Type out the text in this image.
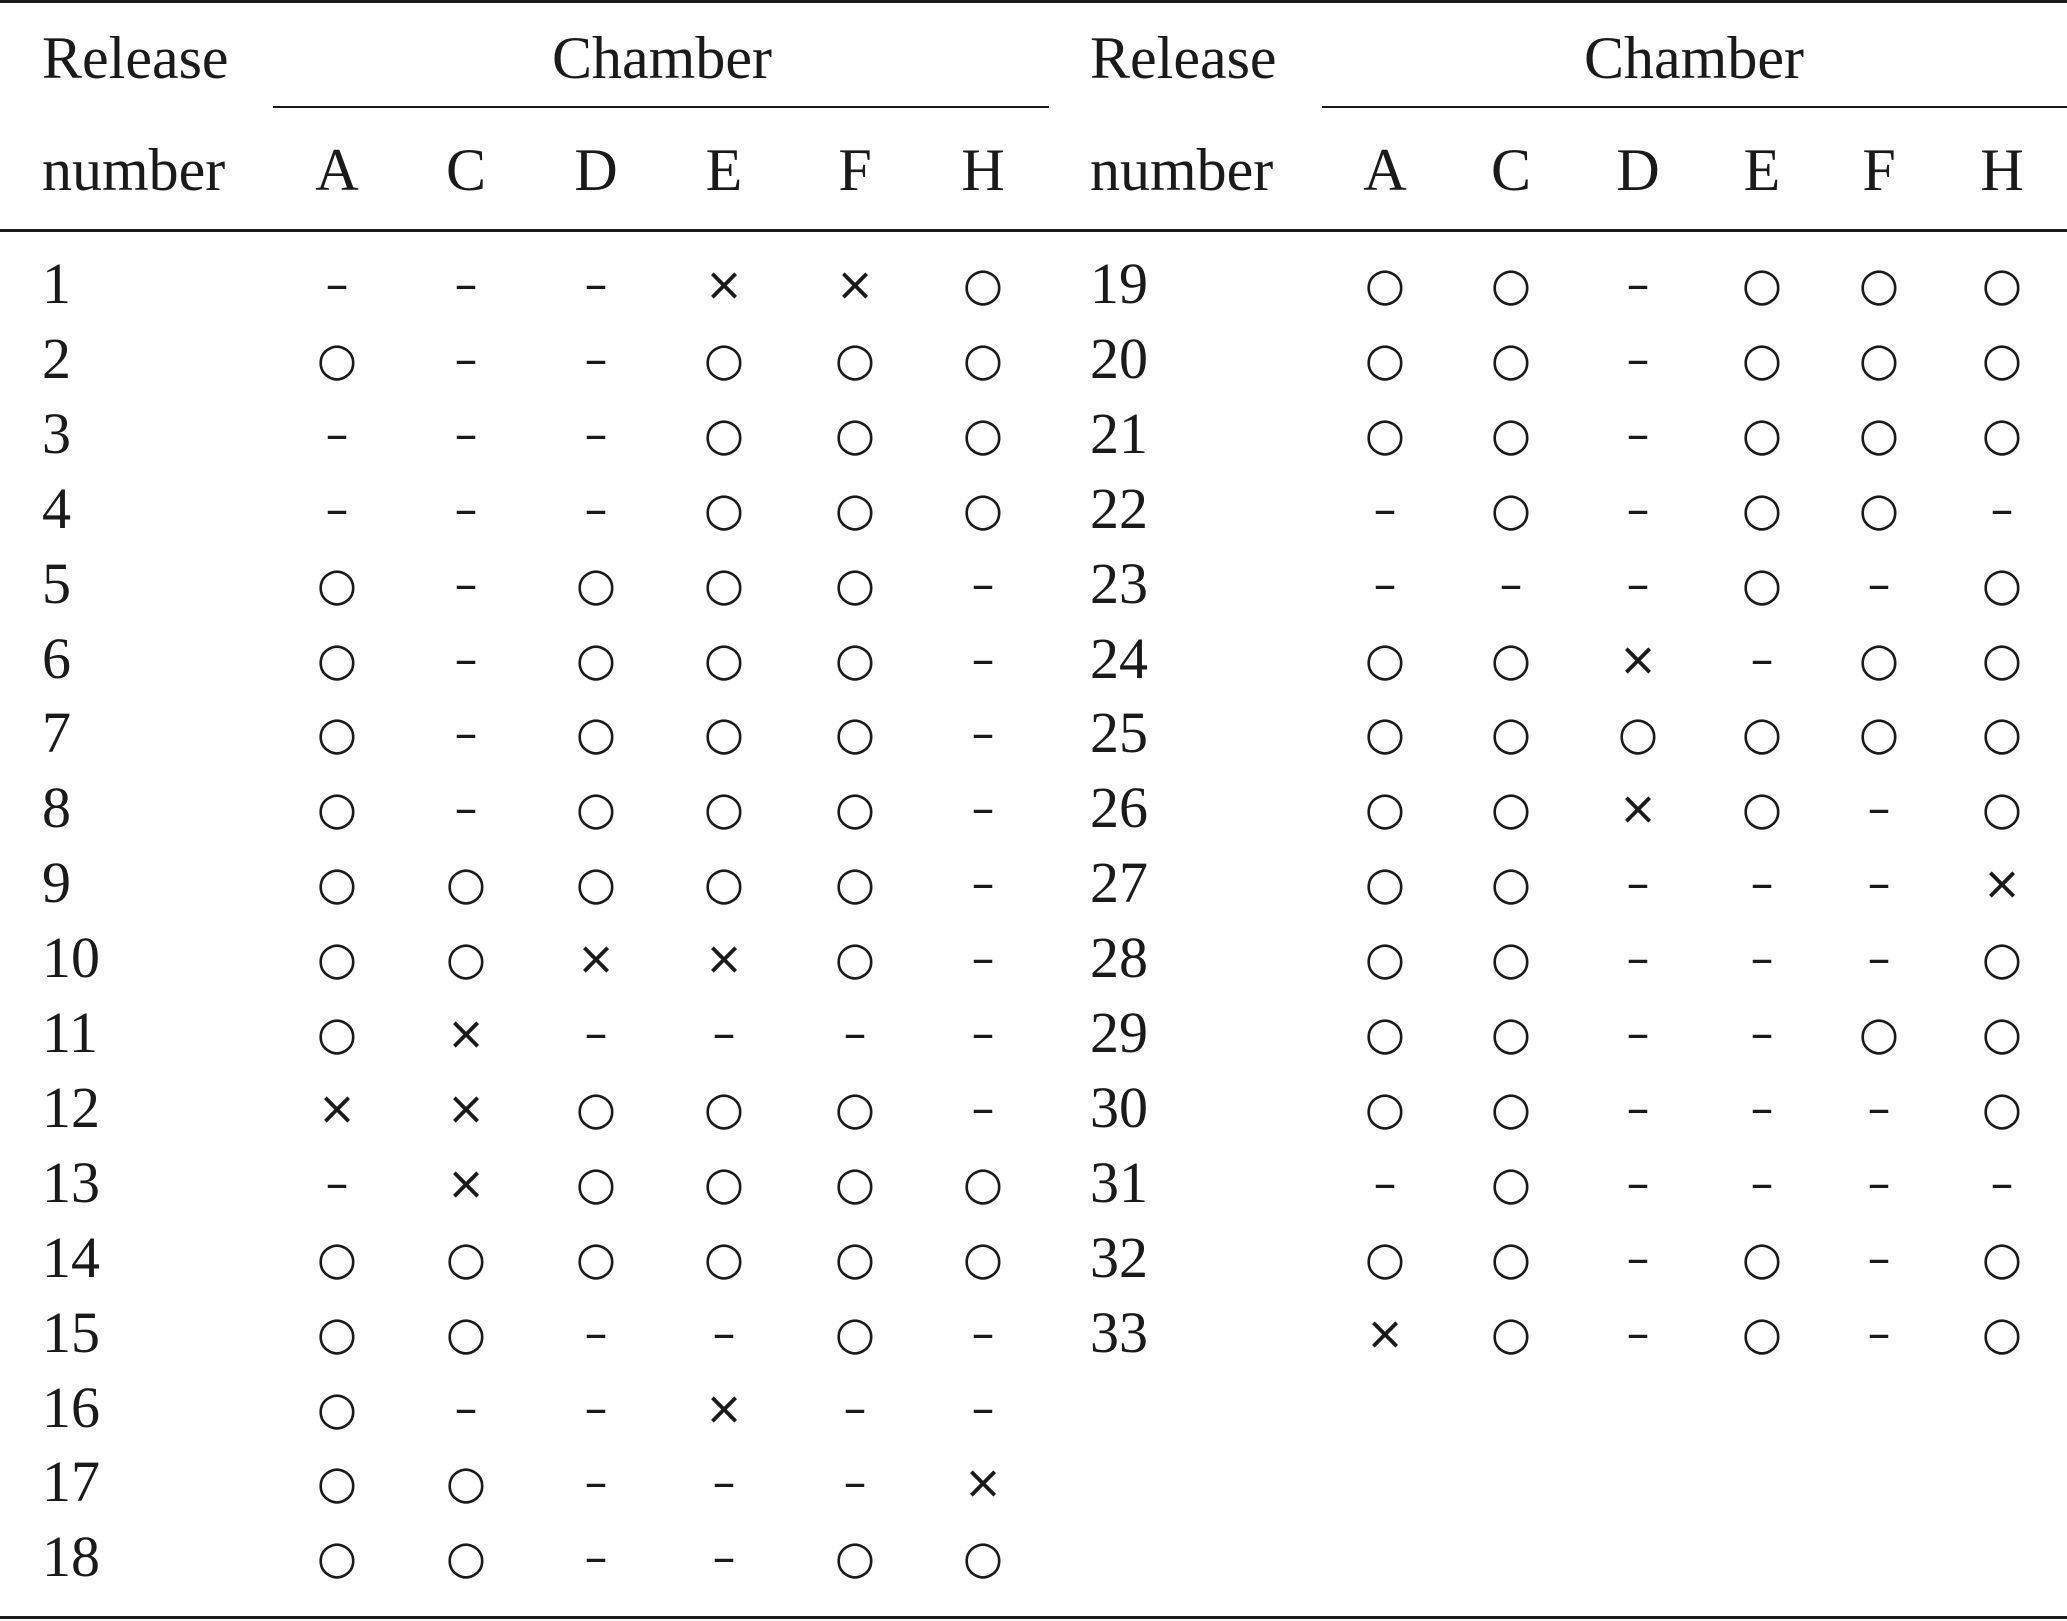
Release
number
Chamber	Release
number
Chamber
A C D E F H	A C D E F H
1	– – – × × ○
2	○ – – ○ ○ ○
3	– – – ○ ○ ○
4	– – – ○ ○ ○
5	○ – ○ ○ ○ –
6	○ – ○ ○ ○ –
7	○ – ○ ○ ○ –
8	○ – ○ ○ ○ –
9	○ ○ ○ ○ ○ –
10	○ ○ × × ○ –
11	○ × – – – –
12	× × ○ ○ ○ –
13	– × ○ ○ ○ ○
14	○ ○ ○ ○ ○ ○
15	○ ○ – – ○ –
16	○ – – × – –
17	○ ○ – – – ×
18	○ ○ – – ○ ○
19	○ ○ – ○ ○ ○
20	○ ○ – ○ ○ ○
21	○ ○ – ○ ○ ○
22	– ○ – ○ ○ –
23	– – – ○ – ○
24	○ ○ × – ○ ○
25	○ ○ ○ ○ ○ ○
26	○ ○ × ○ – ○
27	○ ○ – – – ×
28	○ ○ – – – ○
29	○ ○ – – ○ ○
30	○ ○ – – – ○
31	– ○ – – – –
32	○ ○ – ○ – ○
33	× ○ – ○ – ○
